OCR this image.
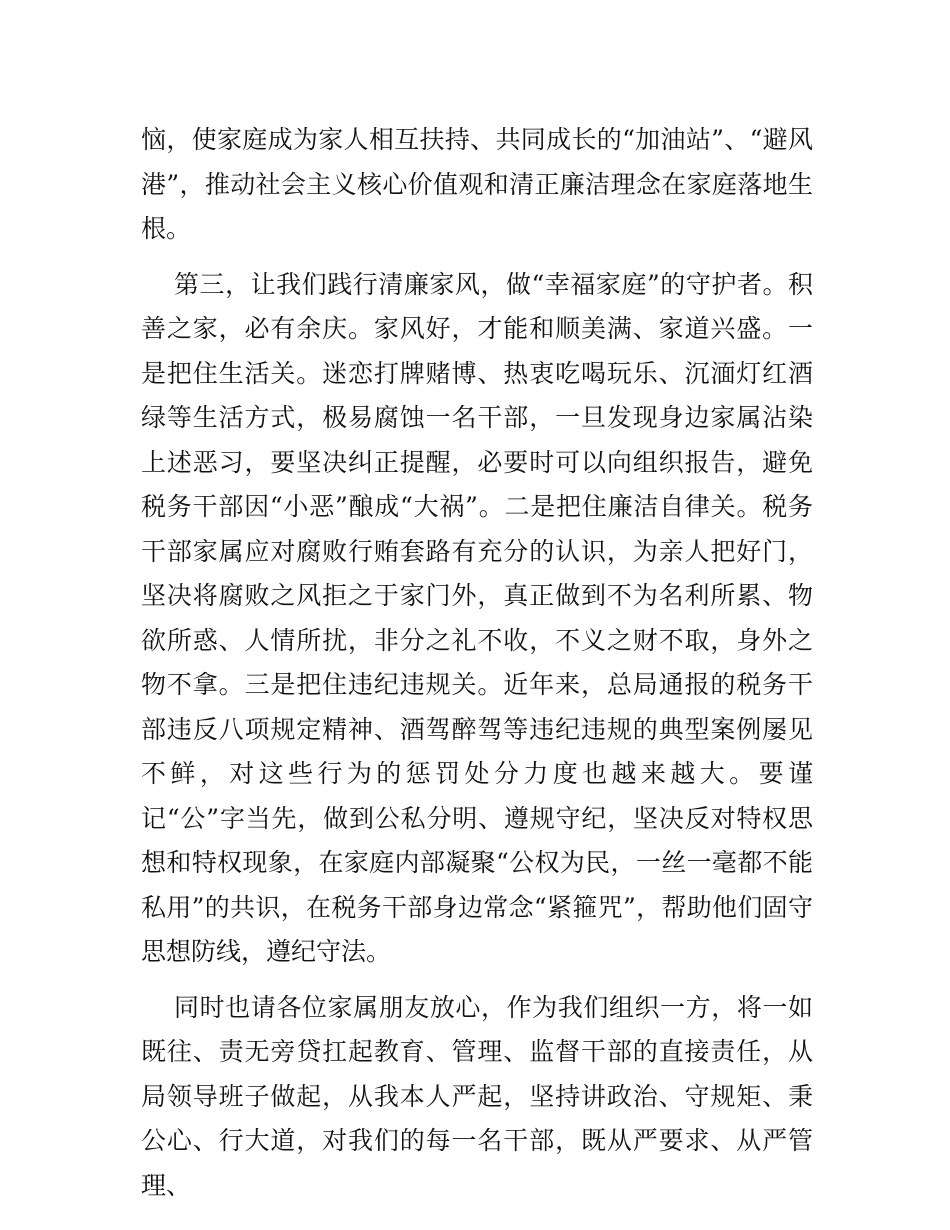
恼，使家庭成为家人相互扶持、共同成长的“加油站”、“避风港”，推动社会主义核心价值观和清正廉洁理念在家庭落地生根。

第三，让我们践行清廉家风，做“幸福家庭”的守护者。积善之家，必有余庆。家风好，才能和顺美满、家道兴盛。一是把住生活关。迷恋打牌赌博、热衷吃喝玩乐、沉湎灯红酒绿等生活方式，极易腐蚀一名干部，一旦发现身边家属沾染上述恶习，要坚决纠正提醒，必要时可以向组织报告，避免税务干部因“小恶”酿成“大祸”。二是把住廉洁自律关。税务干部家属应对腐败行贿套路有充分的认识，为亲人把好门，坚决将腐败之风拒之于家门外，真正做到不为名利所累、物欲所惑、人情所扰，非分之礼不收，不义之财不取，身外之物不拿。三是把住违纪违规关。近年来，总局通报的税务干部违反八项规定精神、酒驾醉驾等违纪违规的典型案例屡见不鲜，对这些行为的惩罚处分力度也越来越大。要谨记“公”字当先，做到公私分明、遵规守纪，坚决反对特权思想和特权现象，在家庭内部凝聚“公权为民，一丝一毫都不能私用”的共识，在税务干部身边常念“紧箍咒”，帮助他们固守思想防线，遵纪守法。

同时也请各位家属朋友放心，作为我们组织一方，将一如既往、责无旁贷扛起教育、管理、监督干部的直接责任，从局领导班子做起，从我本人严起，坚持讲政治、守规矩、秉公心、行大道，对我们的每一名干部，既从严要求、从严管理、
